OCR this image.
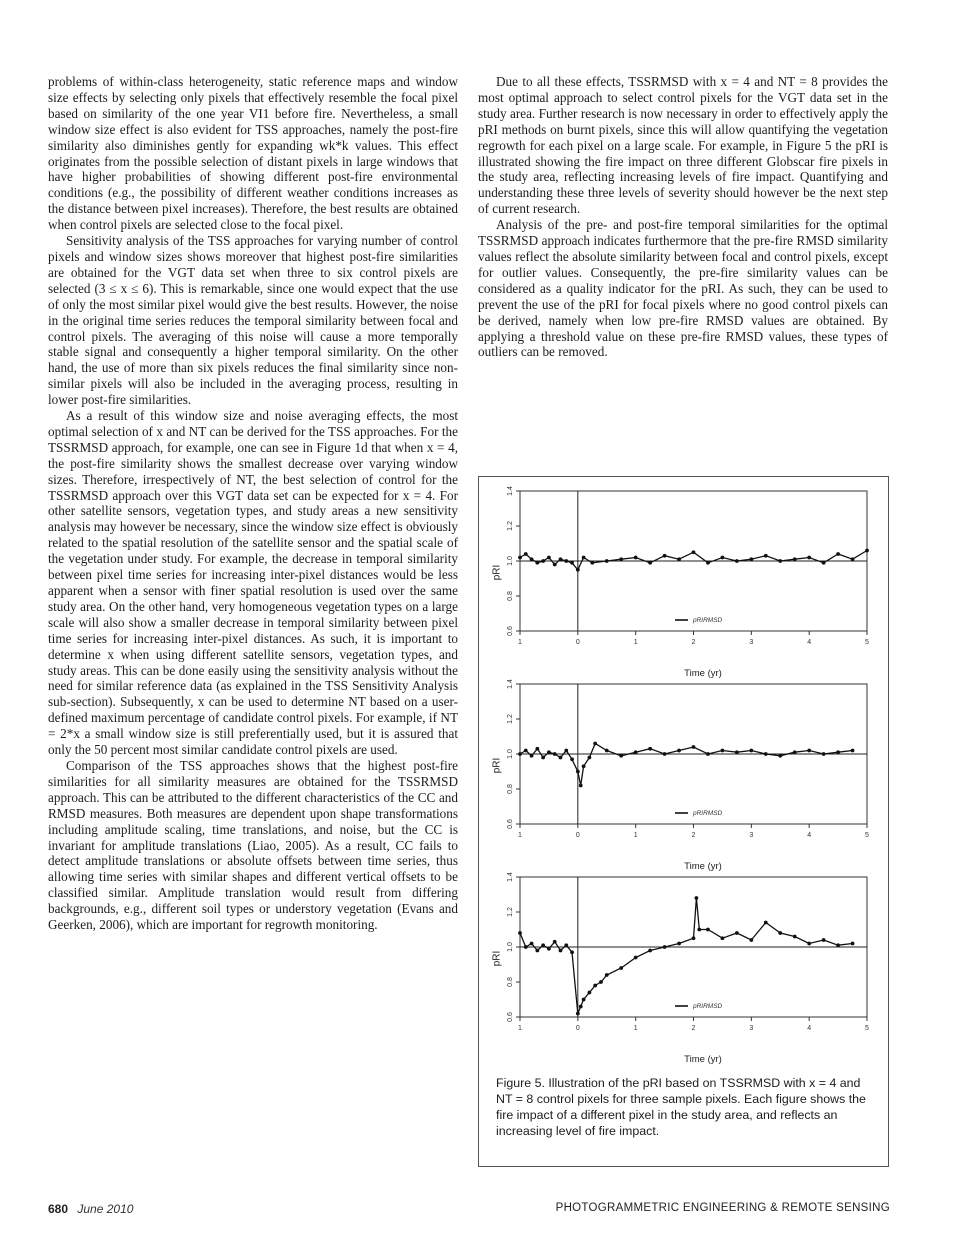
problems of within-class heterogeneity, static reference maps and window size effects by selecting only pixels that effectively resemble the focal pixel based on similarity of the one year VI1 before fire. Nevertheless, a small window size effect is also evident for TSS approaches, namely the post-fire similarity also diminishes gently for expanding wk*k values. This effect originates from the possible selection of distant pixels in large windows that have higher probabilities of showing different post-fire environmental conditions (e.g., the possibility of different weather conditions increases as the distance between pixel increases). Therefore, the best results are obtained when control pixels are selected close to the focal pixel.

Sensitivity analysis of the TSS approaches for varying number of control pixels and window sizes shows moreover that highest post-fire similarities are obtained for the VGT data set when three to six control pixels are selected (3 ≤ x ≤ 6). This is remarkable, since one would expect that the use of only the most similar pixel would give the best results. However, the noise in the original time series reduces the temporal similarity between focal and control pixels. The averaging of this noise will cause a more temporally stable signal and consequently a higher temporal similarity. On the other hand, the use of more than six pixels reduces the final similarity since non-similar pixels will also be included in the averaging process, resulting in lower post-fire similarities.

As a result of this window size and noise averaging effects, the most optimal selection of x and NT can be derived for the TSS approaches. For the TSSRMSD approach, for example, one can see in Figure 1d that when x = 4, the post-fire similarity shows the smallest decrease over varying window sizes. Therefore, irrespectively of NT, the best selection of control for the TSSRMSD approach over this VGT data set can be expected for x = 4. For other satellite sensors, vegetation types, and study areas a new sensitivity analysis may however be necessary, since the window size effect is obviously related to the spatial resolution of the satellite sensor and the spatial scale of the vegetation under study. For example, the decrease in temporal similarity between pixel time series for increasing inter-pixel distances would be less apparent when a sensor with finer spatial resolution is used over the same study area. On the other hand, very homogeneous vegetation types on a large scale will also show a smaller decrease in temporal similarity between pixel time series for increasing inter-pixel distances. As such, it is important to determine x when using different satellite sensors, vegetation types, and study areas. This can be done easily using the sensitivity analysis without the need for similar reference data (as explained in the TSS Sensitivity Analysis sub-section). Subsequently, x can be used to determine NT based on a user-defined maximum percentage of candidate control pixels. For example, if NT = 2*x a small window size is still preferentially used, but it is assured that only the 50 percent most similar candidate control pixels are used.

Comparison of the TSS approaches shows that the highest post-fire similarities for all similarity measures are obtained for the TSSRMSD approach. This can be attributed to the different characteristics of the CC and RMSD measures. Both measures are dependent upon shape transformations including amplitude scaling, time translations, and noise, but the CC is invariant for amplitude translations (Liao, 2005). As a result, CC fails to detect amplitude translations or absolute offsets between time series, thus allowing time series with similar shapes and different vertical offsets to be classified similar. Amplitude translation would result from differing backgrounds, e.g., different soil types or understory vegetation (Evans and Geerken, 2006), which are important for regrowth monitoring.

Due to all these effects, TSSRMSD with x = 4 and NT = 8 provides the most optimal approach to select control pixels for the VGT data set in the study area. Further research is now necessary in order to effectively apply the pRI methods on burnt pixels, since this will allow quantifying the vegetation regrowth for each pixel on a large scale. For example, in Figure 5 the pRI is illustrated showing the fire impact on three different Globscar fire pixels in the study area, reflecting increasing levels of fire impact. Quantifying and understanding these three levels of severity should however be the next step of current research.

Analysis of the pre- and post-fire temporal similarities for the optimal TSSRMSD approach indicates furthermore that the pre-fire RMSD similarity values reflect the absolute similarity between focal and control pixels, except for outlier values. Consequently, the pre-fire similarity values can be considered as a quality indicator for the pRI. As such, they can be used to prevent the use of the pRI for focal pixels where no good control pixels can be derived, namely when low pre-fire RMSD values are obtained. By applying a threshold value on these pre-fire RMSD values, these types of outliers can be removed.

0.6
0.8
1.0
1.2
1.4
1	0	1	2	3	4	5
pRIRMSD
pRI
Time (yr)
0.6
0.8
1.0
1.2
1.4
1	0	1	2	3	4	5
pRIRMSD
pRI
Time (yr)
0.6
0.8
1.0
1.2
1.4
1	0	1	2	3	4	5
pRIRMSD
pRI
Time (yr)
Figure 5. Illustration of the pRI based on TSSRMSD with x = 4 and NT = 8 control pixels for three sample pixels. Each figure shows the fire impact of a different pixel in the study area, and reflects an increasing level of fire impact.
680 June 2010	PHOTOGRAMMETRIC ENGINEERING & REMOTE SENSING
